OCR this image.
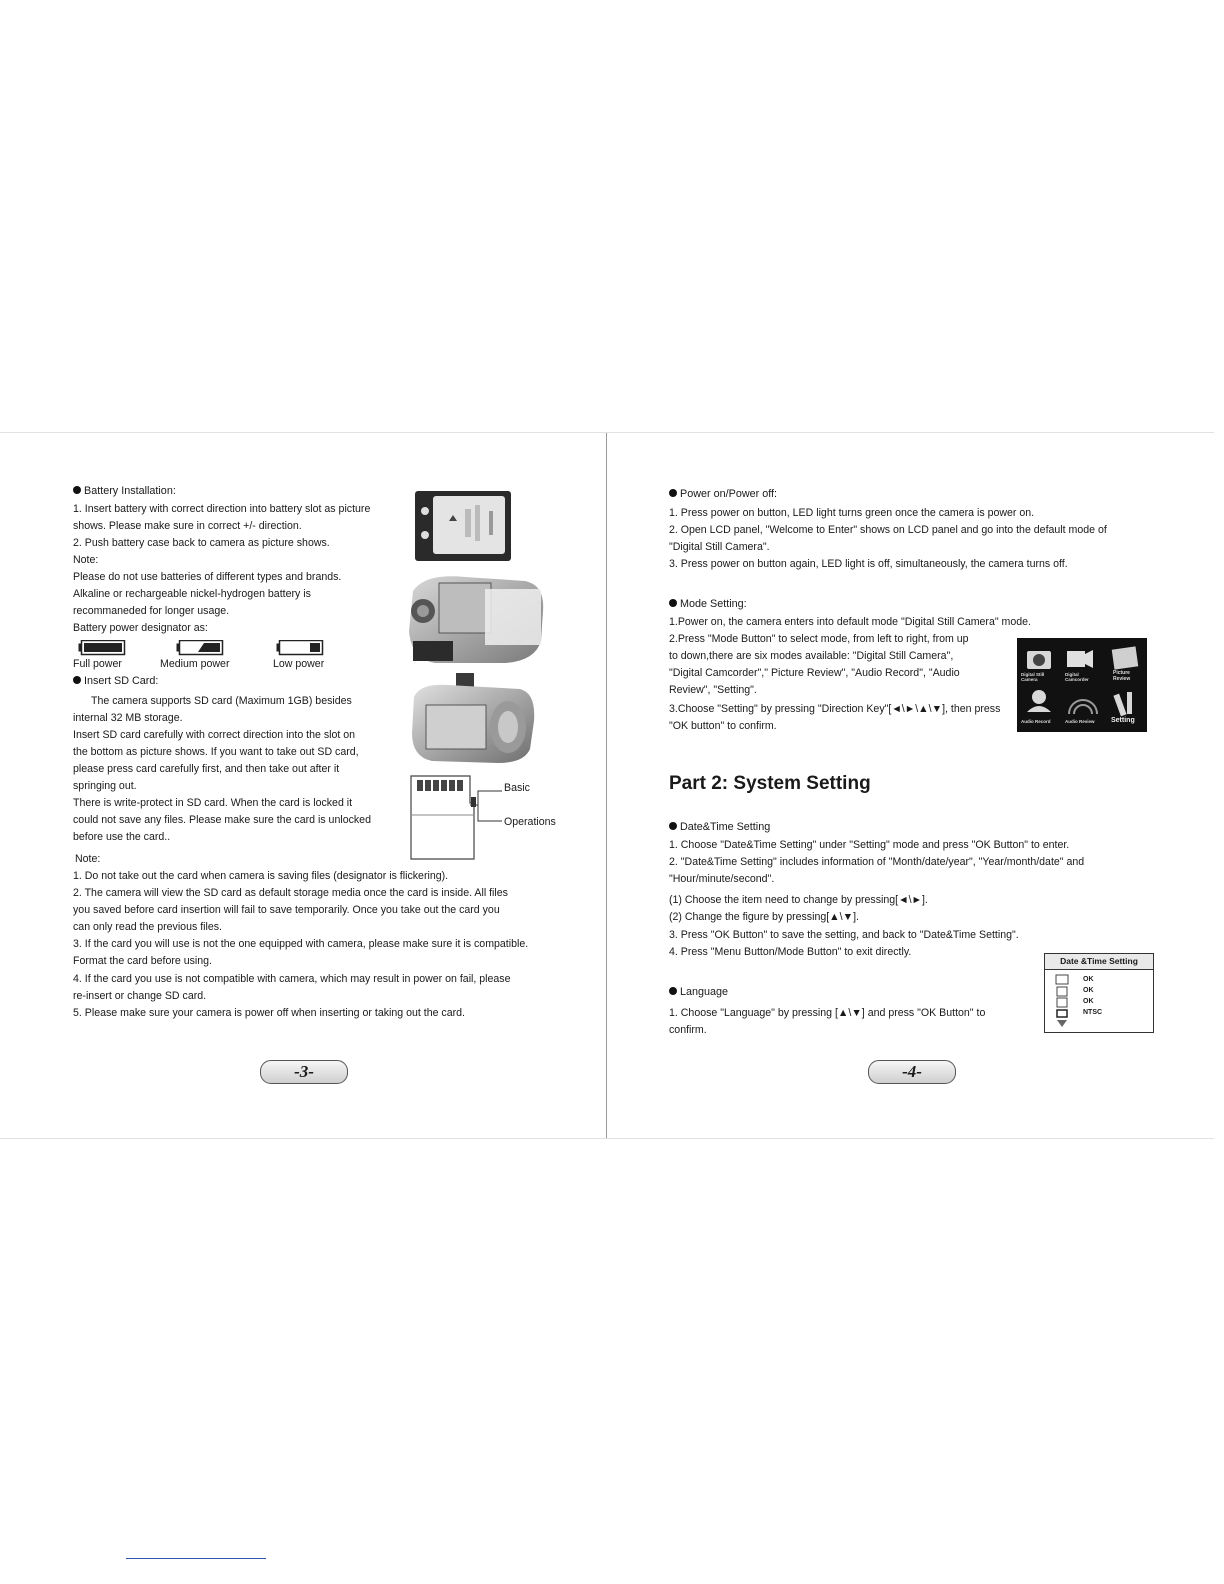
Battery Installation:
1. Insert battery with correct direction into battery slot as picture
shows. Please make sure in correct +/- direction.
2. Push battery case back to camera as picture shows.
Note:
Please do not use batteries of different types and brands.
Alkaline or rechargeable nickel-hydrogen battery is
recommaneded for longer usage.
Battery power designator as:
Full power	Medium power	Low power
Insert SD Card:
The camera supports SD card (Maximum 1GB) besides
internal 32 MB storage.
Insert SD card carefully with correct direction into the slot on
the bottom as picture shows. If you want to take out SD card,
please press card carefully first, and then take out after it
springing out.
There is write-protect in SD card. When the card is locked it
could not save any files. Please make sure the card is unlocked
before use the card..
Basic
Operations
Note:
1. Do not take out the card when camera is saving files (designator is flickering).
2. The camera will view the SD card as default storage media once the card is inside. All files
you saved before card insertion will fail to save temporarily. Once you take out the card you
can only read the previous files.
3. If the card you will use is not the one equipped with camera, please make sure it is compatible.
Format the card before using.
4. If the card you use is not compatible with camera, which may result in power on fail, please
re-insert or change SD card.
5. Please make sure your camera is power off when inserting or taking out the card.
-3-
Power on/Power off:
1. Press power on button, LED light turns green once the camera is power on.
2. Open LCD panel, "Welcome to Enter" shows on LCD panel and go into the default mode of
"Digital Still Camera".
3. Press power on button again, LED light is off, simultaneously, the camera turns off.
Mode Setting:
1.Power on, the camera enters into default mode "Digital Still Camera" mode.
2.Press "Mode Button" to select mode, from left to right, from up
to down,there are six modes available: "Digital Still Camera",
"Digital Camcorder"," Picture Review", "Audio Record", "Audio
Review", "Setting".
3.Choose "Setting" by pressing "Direction Key"[◄\►\▲\▼], then press
"OK button" to confirm.
Digital Still Camera
Digital Camcorder
Picture Review
Audio Record	Audio Review	Setting
Part 2: System Setting
Date&Time Setting
1. Choose "Date&Time Setting" under "Setting" mode and press "OK Button" to enter.
2. "Date&Time Setting" includes information of "Month/date/year", "Year/month/date" and
"Hour/minute/second".
(1) Choose the item need to change by pressing[◄\►].
(2) Change the figure by pressing[▲\▼].
3. Press "OK Button" to save the setting, and back to "Date&Time Setting".
4. Press "Menu Button/Mode Button" to exit directly.
Date &Time Setting
OK
OK
OK
NTSC
Language
1. Choose "Language" by pressing [▲\▼] and press "OK Button" to
confirm.
-4-
